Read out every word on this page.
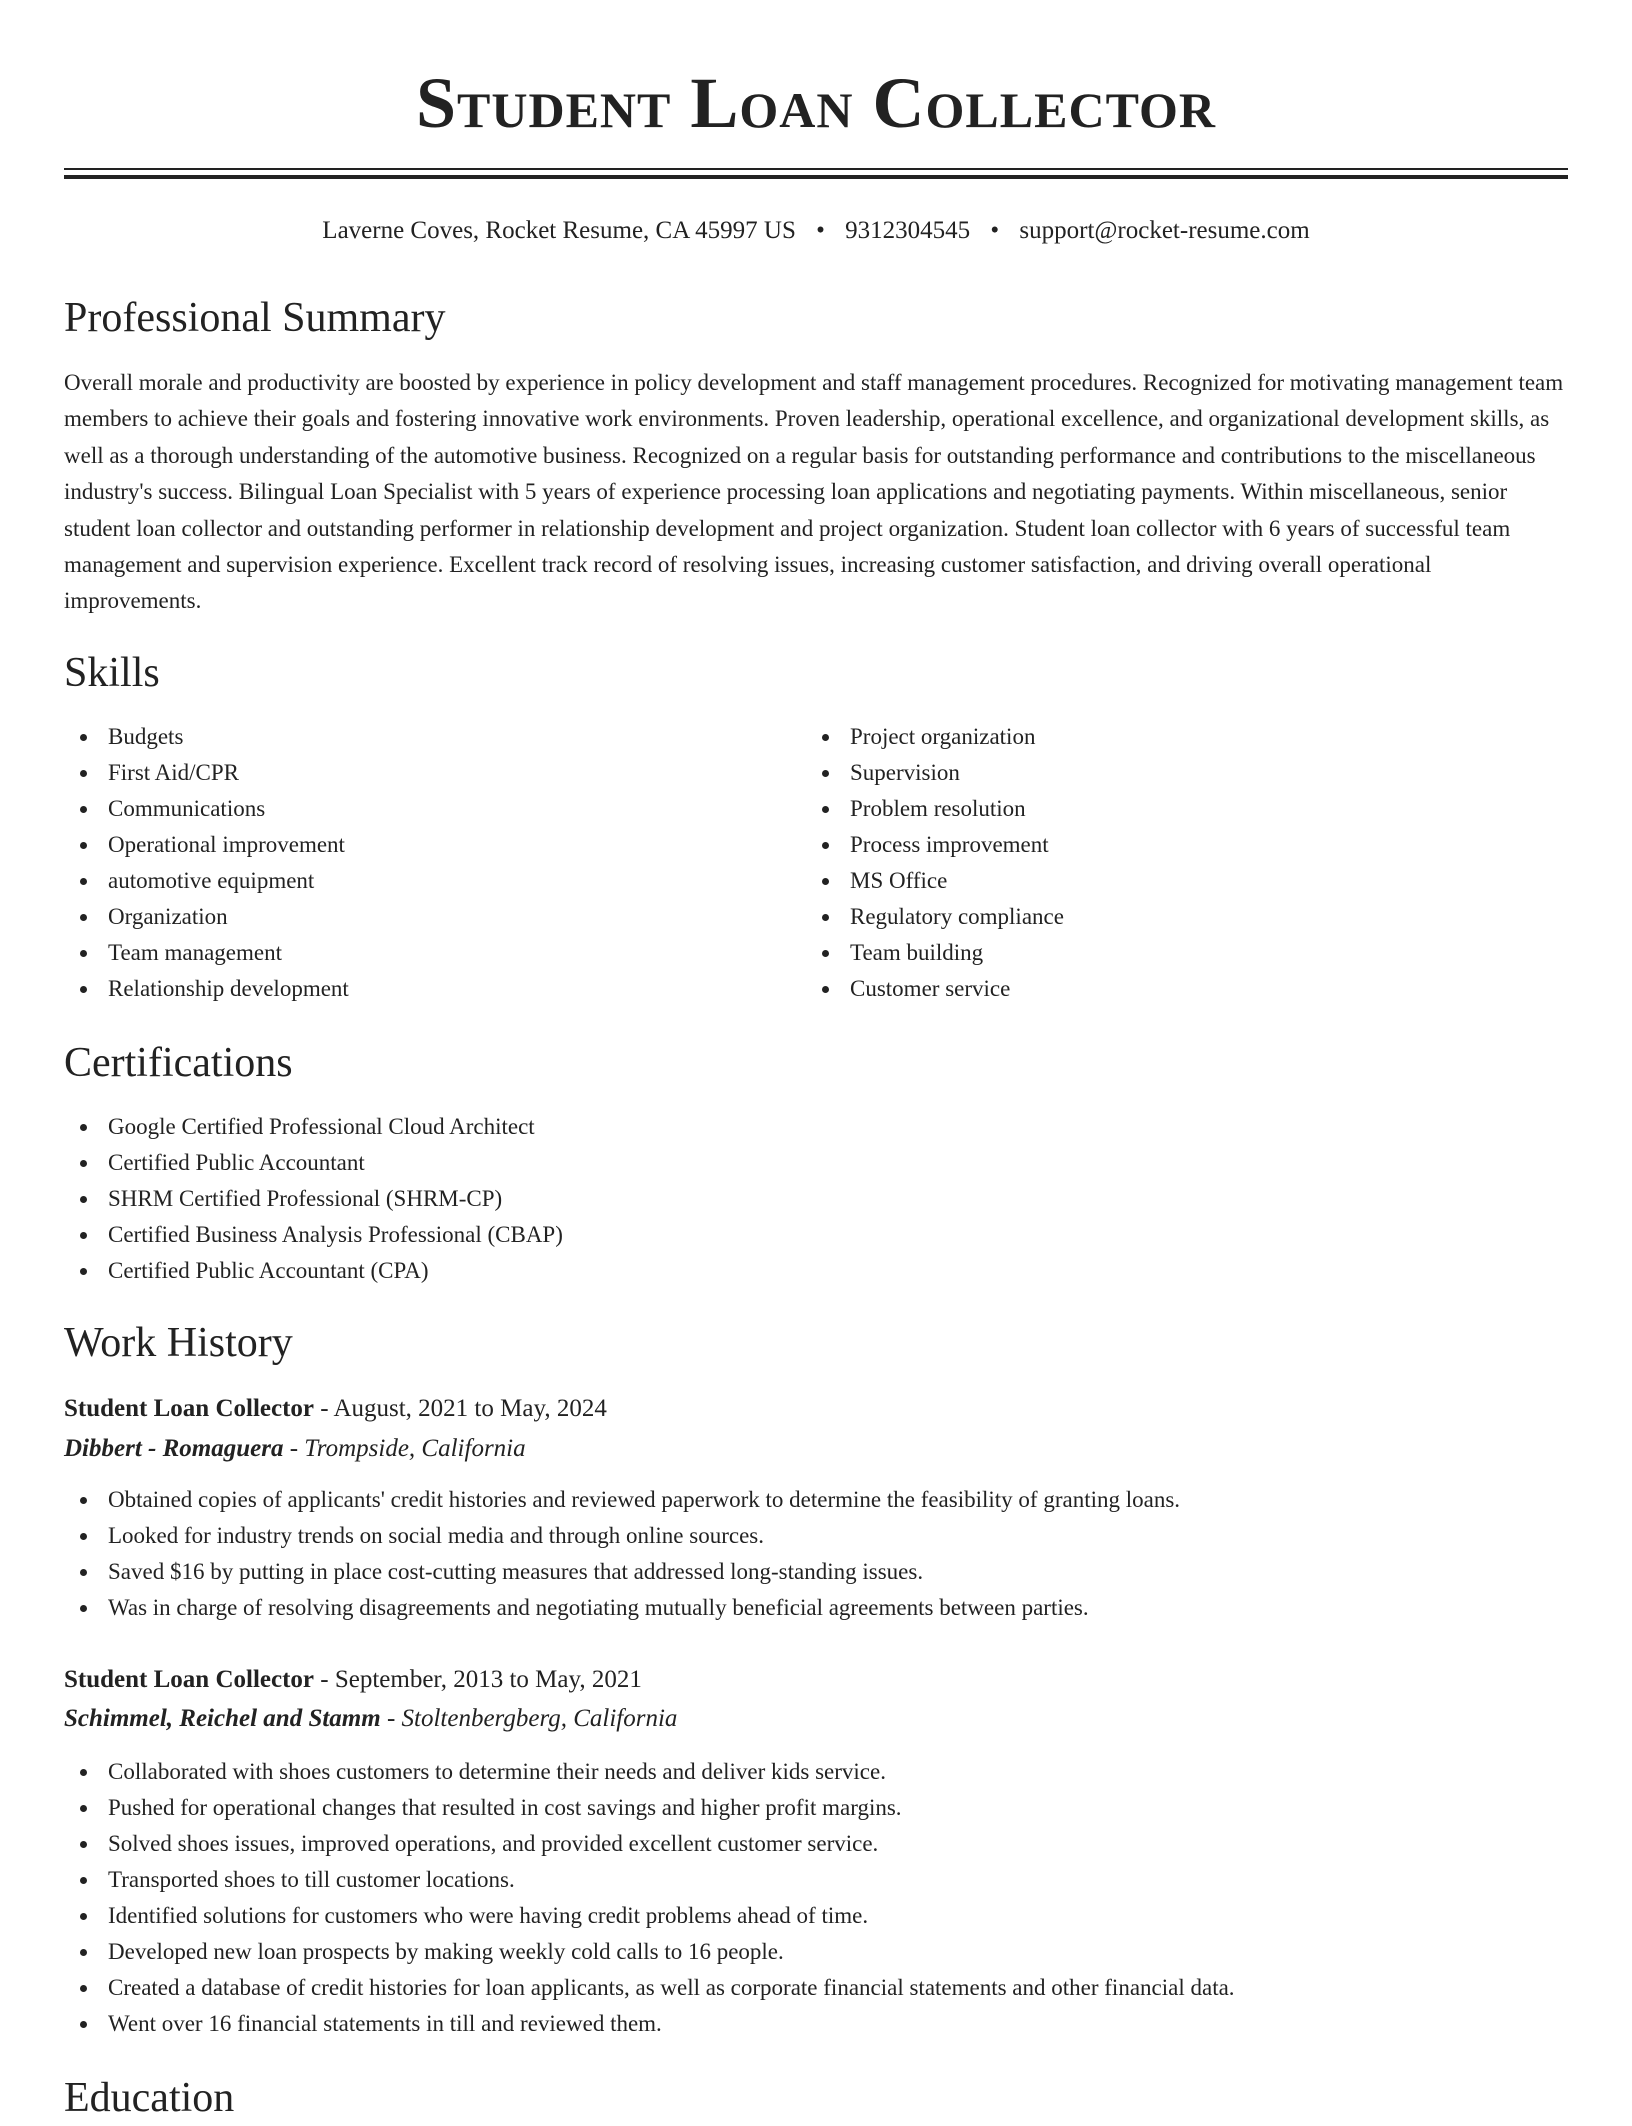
Student Loan Collector
Laverne Coves, Rocket Resume, CA 45997 US • 9312304545 • support@rocket-resume.com
Professional Summary

Overall morale and productivity are boosted by experience in policy development and staff management procedures. Recognized for motivating management team members to achieve their goals and fostering innovative work environments. Proven leadership, operational excellence, and organizational development skills, as well as a thorough understanding of the automotive business. Recognized on a regular basis for outstanding performance and contributions to the miscellaneous industry's success. Bilingual Loan Specialist with 5 years of experience processing loan applications and negotiating payments. Within miscellaneous, senior student loan collector and outstanding performer in relationship development and project organization. Student loan collector with 6 years of successful team management and supervision experience. Excellent track record of resolving issues, increasing customer satisfaction, and driving overall operational improvements.

Skills
Budgets
First Aid/CPR
Communications
Operational improvement
automotive equipment
Organization
Team management
Relationship development
Project organization
Supervision
Problem resolution
Process improvement
MS Office
Regulatory compliance
Team building
Customer service
Certifications
Google Certified Professional Cloud Architect
Certified Public Accountant
SHRM Certified Professional (SHRM-CP)
Certified Business Analysis Professional (CBAP)
Certified Public Accountant (CPA)
Work History
Student Loan Collector - August, 2021 to May, 2024
Dibbert - Romaguera - Trompside, California
Obtained copies of applicants' credit histories and reviewed paperwork to determine the feasibility of granting loans.
Looked for industry trends on social media and through online sources.
Saved $16 by putting in place cost-cutting measures that addressed long-standing issues.
Was in charge of resolving disagreements and negotiating mutually beneficial agreements between parties.
Student Loan Collector - September, 2013 to May, 2021
Schimmel, Reichel and Stamm - Stoltenbergberg, California
Collaborated with shoes customers to determine their needs and deliver kids service.
Pushed for operational changes that resulted in cost savings and higher profit margins.
Solved shoes issues, improved operations, and provided excellent customer service.
Transported shoes to till customer locations.
Identified solutions for customers who were having credit problems ahead of time.
Developed new loan prospects by making weekly cold calls to 16 people.
Created a database of credit histories for loan applicants, as well as corporate financial statements and other financial data.
Went over 16 financial statements in till and reviewed them.
Education
